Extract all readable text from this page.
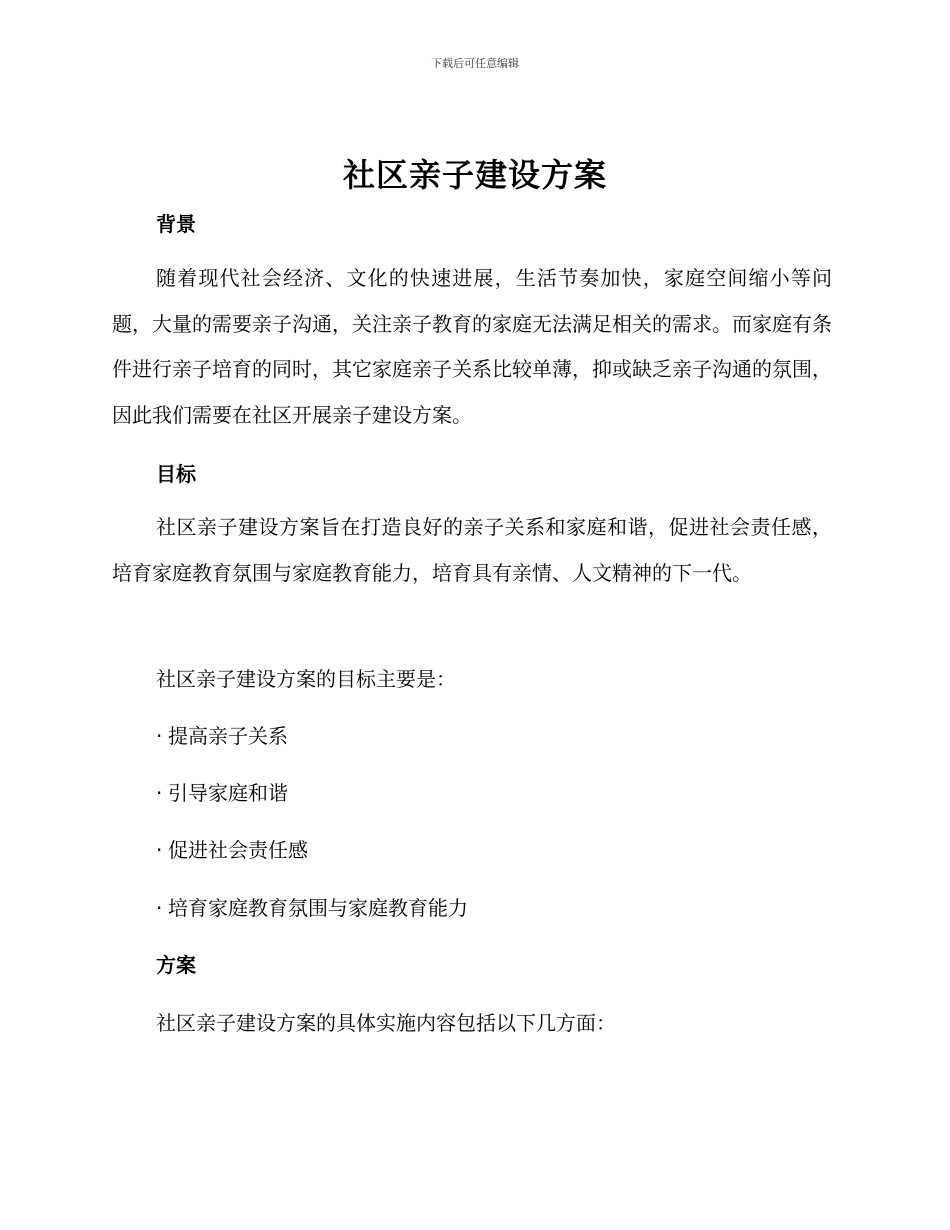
下载后可任意编辑
社区亲子建设方案
背景
随着现代社会经济、文化的快速进展，生活节奏加快，家庭空间缩小等问题，大量的需要亲子沟通，关注亲子教育的家庭无法满足相关的需求。而家庭有条件进行亲子培育的同时，其它家庭亲子关系比较单薄，抑或缺乏亲子沟通的氛围，因此我们需要在社区开展亲子建设方案。
目标
社区亲子建设方案旨在打造良好的亲子关系和家庭和谐，促进社会责任感，培育家庭教育氛围与家庭教育能力，培育具有亲情、人文精神的下一代。
社区亲子建设方案的目标主要是：
· 提高亲子关系
· 引导家庭和谐
· 促进社会责任感
· 培育家庭教育氛围与家庭教育能力
方案
社区亲子建设方案的具体实施内容包括以下几方面：
